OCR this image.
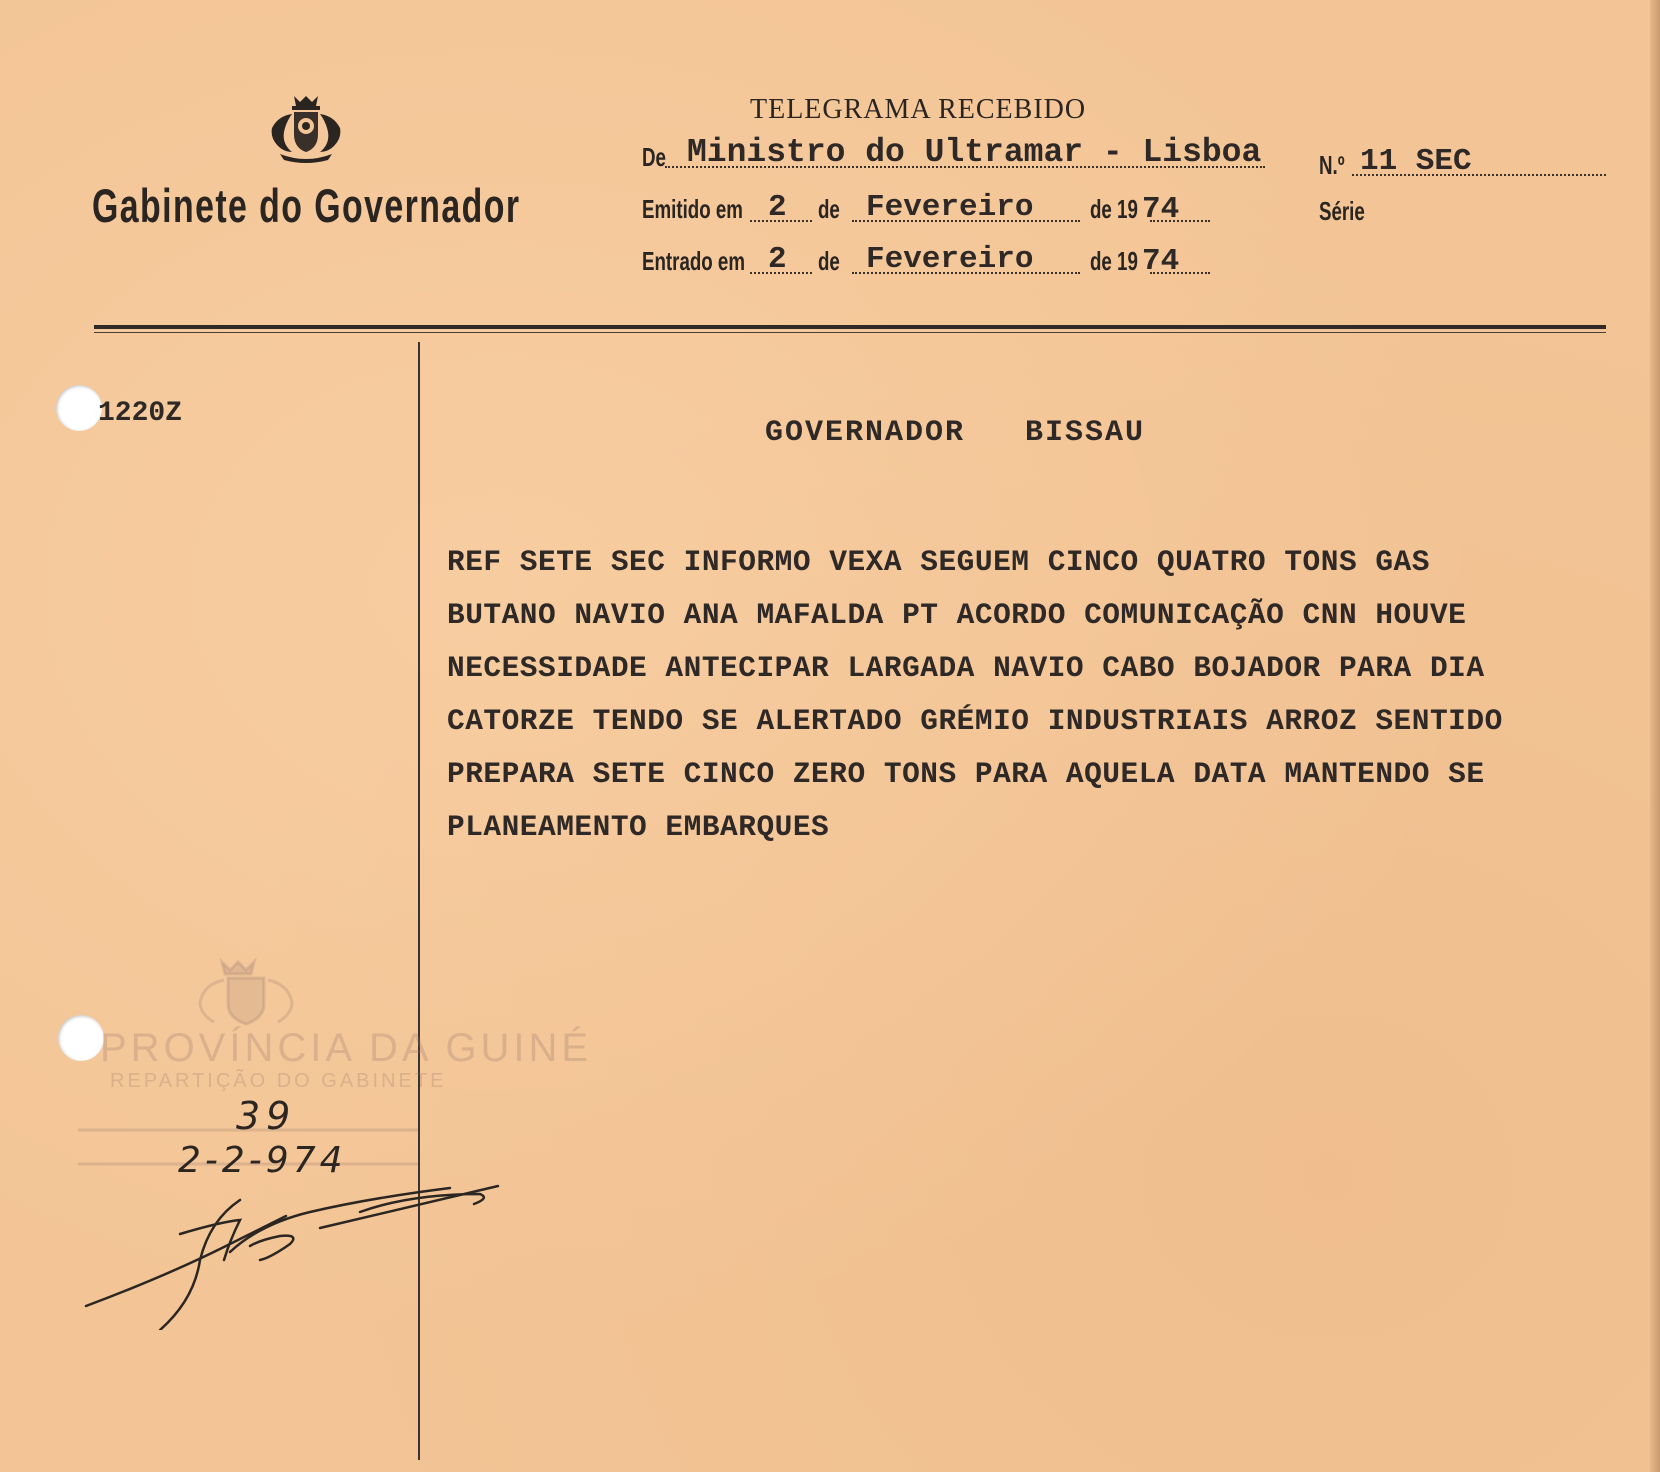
Gabinete do Governador
TELEGRAMA RECEBIDO
De Ministro do Ultramar - Lisboa N.º 11 SEC
Série
Emitido em 2 de Fevereiro de 19 74
Entrado em 2 de Fevereiro de 19 74
1220Z
PROVÍNCIA DA GUINÉ
REPARTIÇÃO DO GABINETE
39
2-2-974
GOVERNADOR   BISSAU
REF SETE SEC INFORMO VEXA SEGUEM CINCO QUATRO TONS GAS
BUTANO NAVIO ANA MAFALDA PT ACORDO COMUNICAÇÃO CNN HOUVE
NECESSIDADE ANTECIPAR LARGADA NAVIO CABO BOJADOR PARA DIA
CATORZE TENDO SE ALERTADO GRÉMIO INDUSTRIAIS ARROZ SENTIDO
PREPARA SETE CINCO ZERO TONS PARA AQUELA DATA MANTENDO SE
PLANEAMENTO EMBARQUES
